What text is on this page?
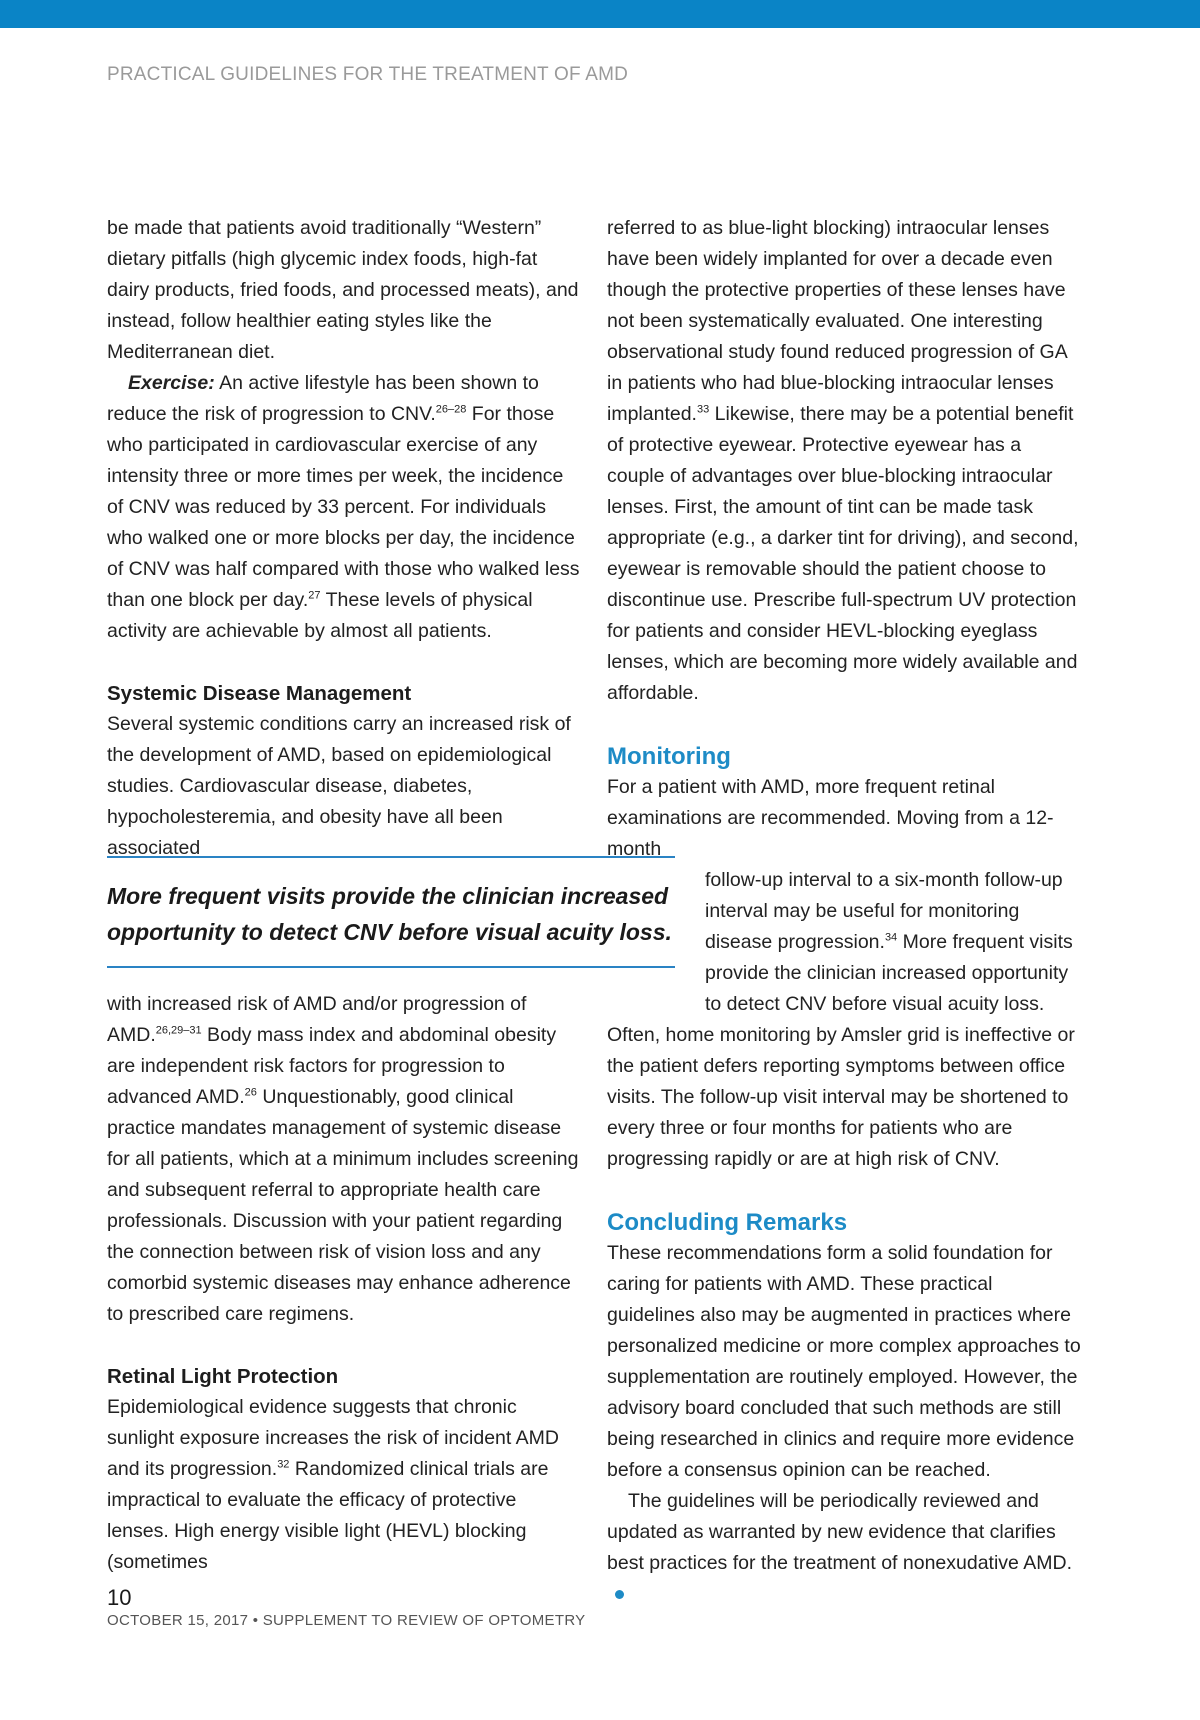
PRACTICAL GUIDELINES FOR THE TREATMENT OF AMD

be made that patients avoid traditionally “Western” dietary pitfalls (high glycemic index foods, high-fat dairy products, fried foods, and processed meats), and instead, follow healthier eating styles like the Mediterranean diet.

Exercise: An active lifestyle has been shown to reduce the risk of progression to CNV.$^{26-28}$ For those who participated in cardiovascular exercise of any intensity three or more times per week, the incidence of CNV was reduced by 33 percent. For individuals who walked one or more blocks per day, the incidence of CNV was half compared with those who walked less than one block per day.$^{27}$ These levels of physical activity are achievable by almost all patients.

Systemic Disease Management

Several systemic conditions carry an increased risk of the development of AMD, based on epidemiological studies. Cardiovascular disease, diabetes, hypocholesteremia, and obesity have all been associated

More frequent visits provide the clinician increased opportunity to detect CNV before visual acuity loss.

with increased risk of AMD and/or progression of AMD.$^{26,29-31}$ Body mass index and abdominal obesity are independent risk factors for progression to advanced AMD.$^{26}$ Unquestionably, good clinical practice mandates management of systemic disease for all patients, which at a minimum includes screening and subsequent referral to appropriate health care professionals. Discussion with your patient regarding the connection between risk of vision loss and any comorbid systemic diseases may enhance adherence to prescribed care regimens.

Retinal Light Protection

Epidemiological evidence suggests that chronic sunlight exposure increases the risk of incident AMD and its progression.$^{32}$ Randomized clinical trials are impractical to evaluate the efficacy of protective lenses. High energy visible light (HEVL) blocking (sometimes

referred to as blue-light blocking) intraocular lenses have been widely implanted for over a decade even though the protective properties of these lenses have not been systematically evaluated. One interesting observational study found reduced progression of GA in patients who had blue-blocking intraocular lenses implanted.$^{33}$ Likewise, there may be a potential benefit of protective eyewear. Protective eyewear has a couple of advantages over blue-blocking intraocular lenses. First, the amount of tint can be made task appropriate (e.g., a darker tint for driving), and second, eyewear is removable should the patient choose to discontinue use. Prescribe full-spectrum UV protection for patients and consider HEVL-blocking eyeglass lenses, which are becoming more widely available and affordable.

Monitoring

For a patient with AMD, more frequent retinal examinations are recommended. Moving from a 12-month

follow-up interval to a six-month follow-up interval may be useful for monitoring disease progression.$^{34}$ More frequent visits provide the clinician increased opportunity to detect CNV before visual acuity loss.

Often, home monitoring by Amsler grid is ineffective or the patient defers reporting symptoms between office visits. The follow-up visit interval may be shortened to every three or four months for patients who are progressing rapidly or are at high risk of CNV.

Concluding Remarks

These recommendations form a solid foundation for caring for patients with AMD. These practical guidelines also may be augmented in practices where personalized medicine or more complex approaches to supplementation are routinely employed. However, the advisory board concluded that such methods are still being researched in clinics and require more evidence before a consensus opinion can be reached.

The guidelines will be periodically reviewed and updated as warranted by new evidence that clarifies best practices for the treatment of nonexudative AMD.

10
OCTOBER 15, 2017 • SUPPLEMENT TO REVIEW OF OPTOMETRY
